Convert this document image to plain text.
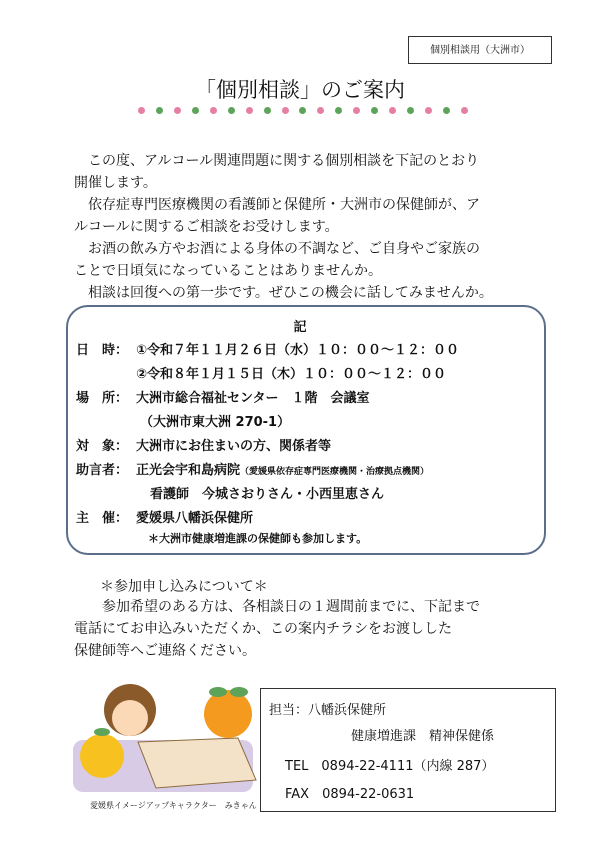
個別相談用（大洲市）
「個別相談」のご案内

　この度、アルコール関連問題に関する個別相談を下記のとおり

開催します。

　依存症専門医療機関の看護師と保健所・大洲市の保健師が、ア

ルコールに関するご相談をお受けします。

　お酒の飲み方やお酒による身体の不調など、ご自身やご家族の

ことで日頃気になっていることはありませんか。

　相談は回復への第一歩です。ぜひこの機会に話してみませんか。

記
日　時： ①令和７年１１月２６日（水）１０：００～１２：００
②令和８年１月１５日（木）１０：００～１２：００
場　所： 大洲市総合福祉センター　１階　会議室
（大洲市東大洲 270-1）
対　象： 大洲市にお住まいの方、関係者等
助言者： 正光会宇和島病院（愛媛県依存症専門医療機関・治療拠点機関）
看護師　今城さおりさん・小西里恵さん
主　催： 愛媛県八幡浜保健所
＊大洲市健康増進課の保健師も参加します。
＊参加申し込みについて＊

　　参加希望のある方は、各相談日の１週間前までに、下記まで

電話にてお申込みいただくか、この案内チラシをお渡しした

保健師等へご連絡ください。

担当：八幡浜保健所
健康増進課　精神保健係
TEL　0894-22-4111（内線 287）
FAX　0894-22-0631
愛媛県イメージアップキャラクター　みきゃん
